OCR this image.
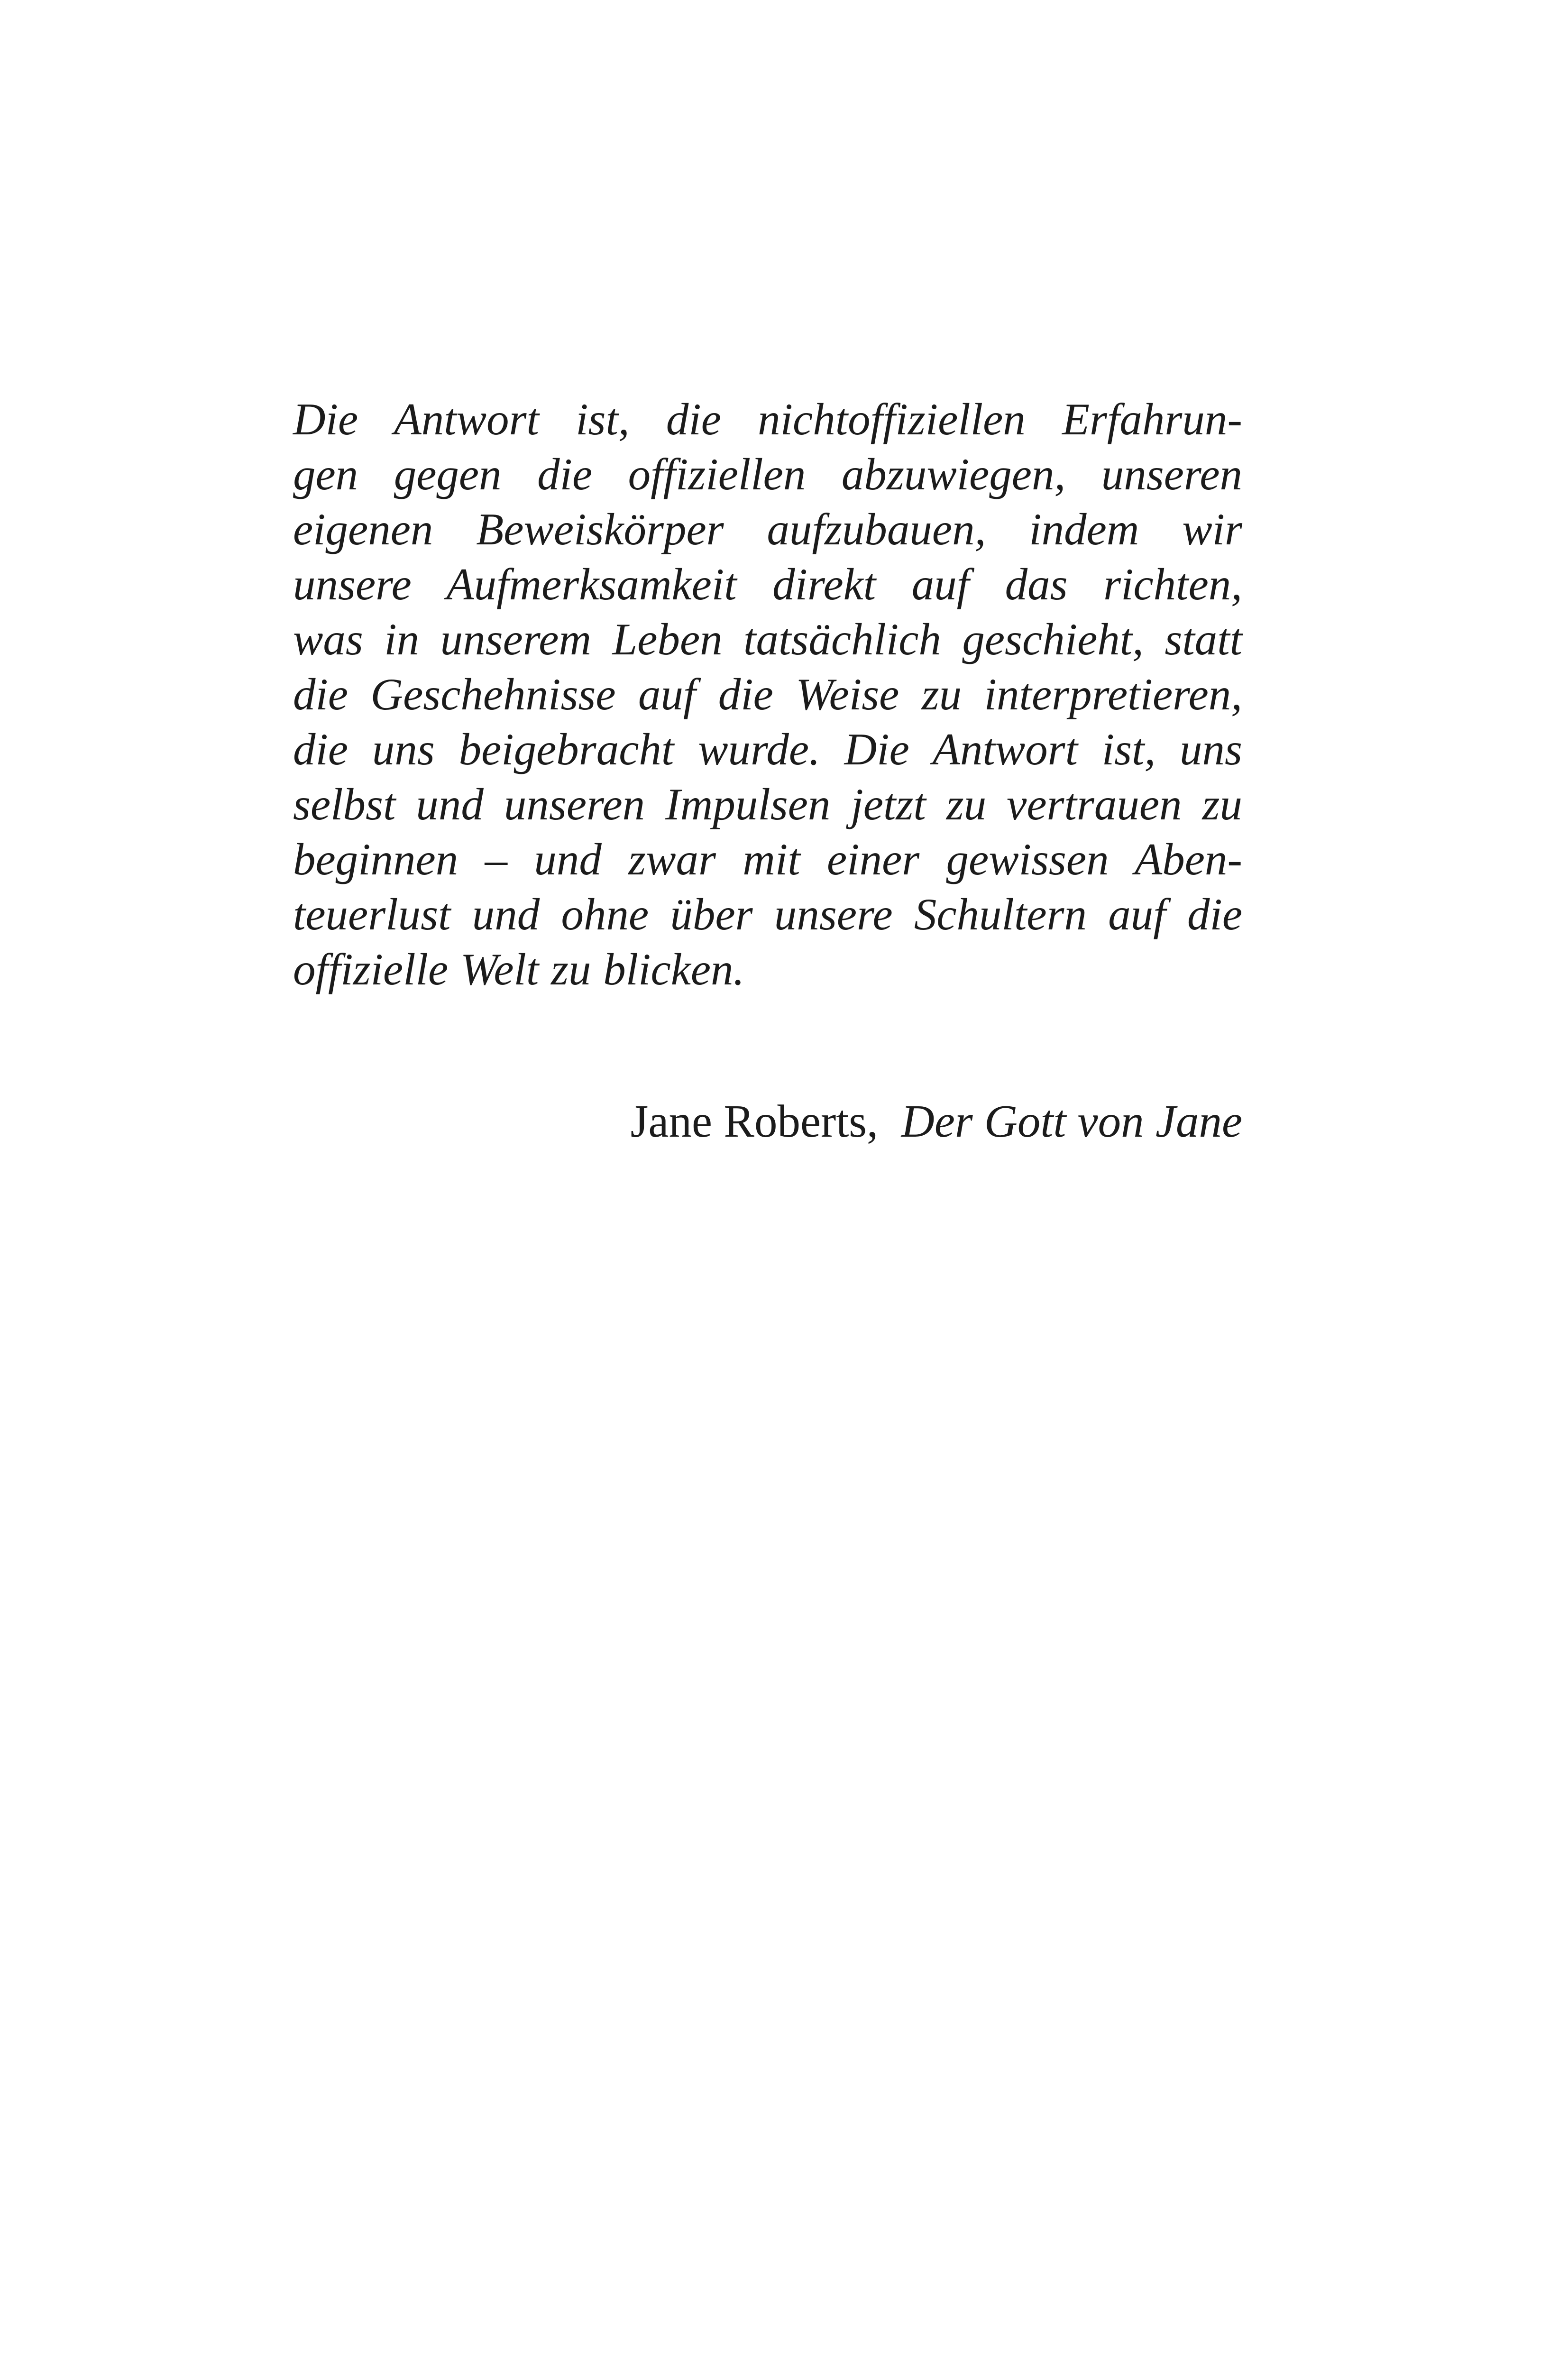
Die Antwort ist, die nichtoffiziellen Erfahrun-
gen gegen die offiziellen abzuwiegen, unseren
eigenen Beweiskörper aufzubauen, indem wir
unsere Aufmerksamkeit direkt auf das richten,
was in unserem Leben tatsächlich geschieht, statt
die Geschehnisse auf die Weise zu interpretieren,
die uns beigebracht wurde. Die Antwort ist, uns
selbst und unseren Impulsen jetzt zu vertrauen zu
beginnen – und zwar mit einer gewissen Aben-
teuerlust und ohne über unsere Schultern auf die
offizielle Welt zu blicken.
Jane Roberts, Der Gott von Jane
